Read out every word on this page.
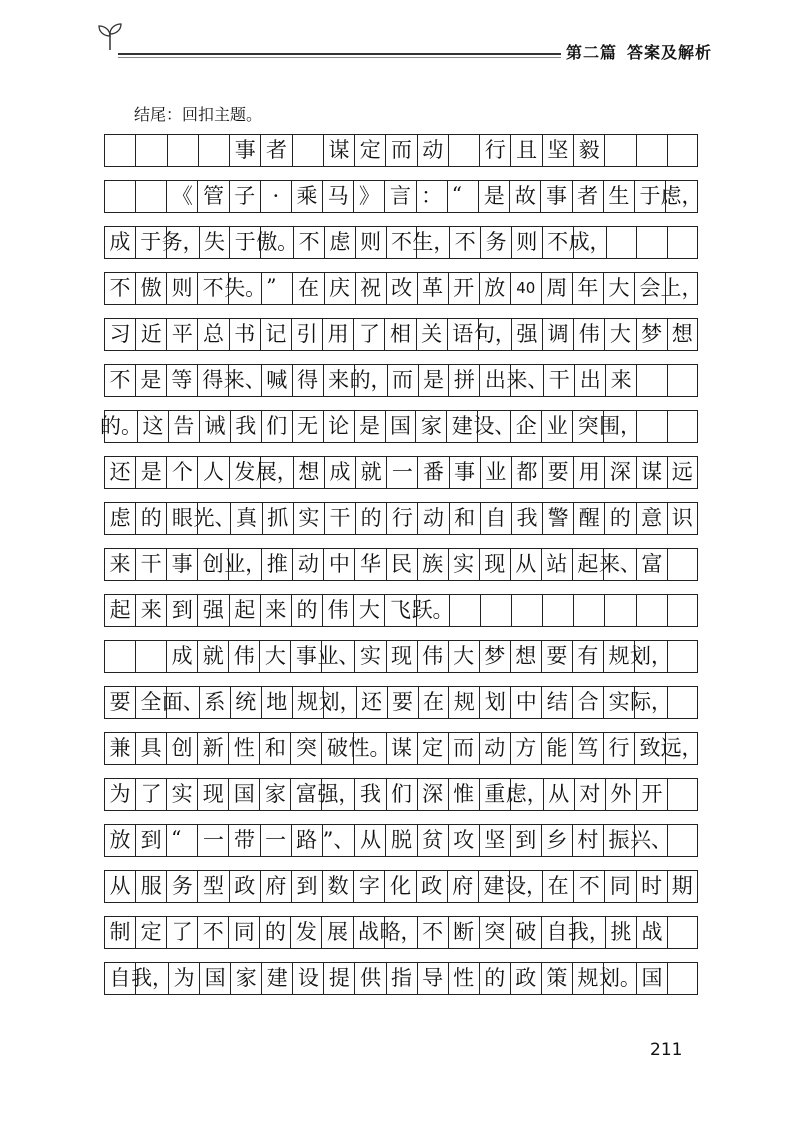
第二篇 答案及解析
结尾：回扣主题。
事 者 谋 定 而 动 行 且 坚 毅
《 管 子 · 乘 马 》 言 ： “	是 故 事 者 生 于 虑，
成 于 务， 失 于 傲。 不 虑 则 不 生， 不 务 则 不 成，
不 傲 则 不 失。 ”	在 庆 祝 改 革 开 放 40 周 年 大 会 上，
习 近 平 总 书 记 引 用 了 相 关 语 句， 强 调 伟 大 梦 想
不 是 等 得 来、 喊 得 来 的， 而 是 拼 出 来、 干 出 来
的。 这 告 诫 我 们 无 论 是 国 家 建 设、 企 业 突 围，
还 是 个 人 发 展， 想 成 就 一 番 事 业 都 要 用 深 谋 远
虑 的 眼 光、 真 抓 实 干 的 行 动 和 自 我 警 醒 的 意 识
来 干 事 创 业， 推 动 中 华 民 族 实 现 从 站 起 来、 富
起 来 到 强 起 来 的 伟 大 飞 跃。
成 就 伟 大 事 业、 实 现 伟 大 梦 想 要 有 规 划，
要 全 面、 系 统 地 规 划， 还 要 在 规 划 中 结 合 实 际，
兼 具 创 新 性 和 突 破 性。 谋 定 而 动 方 能 笃 行 致 远，
为 了 实 现 国 家 富 强， 我 们 深 惟 重 虑， 从 对 外 开
放 到 “	一 带 一 路 ”、 从 脱 贫 攻 坚 到 乡 村 振 兴、
从 服 务 型 政 府 到 数 字 化 政 府 建 设， 在 不 同 时 期
制 定 了 不 同 的 发 展 战 略， 不 断 突 破 自 我， 挑 战
自 我， 为 国 家 建 设 提 供 指 导 性 的 政 策 规 划。 国
211
